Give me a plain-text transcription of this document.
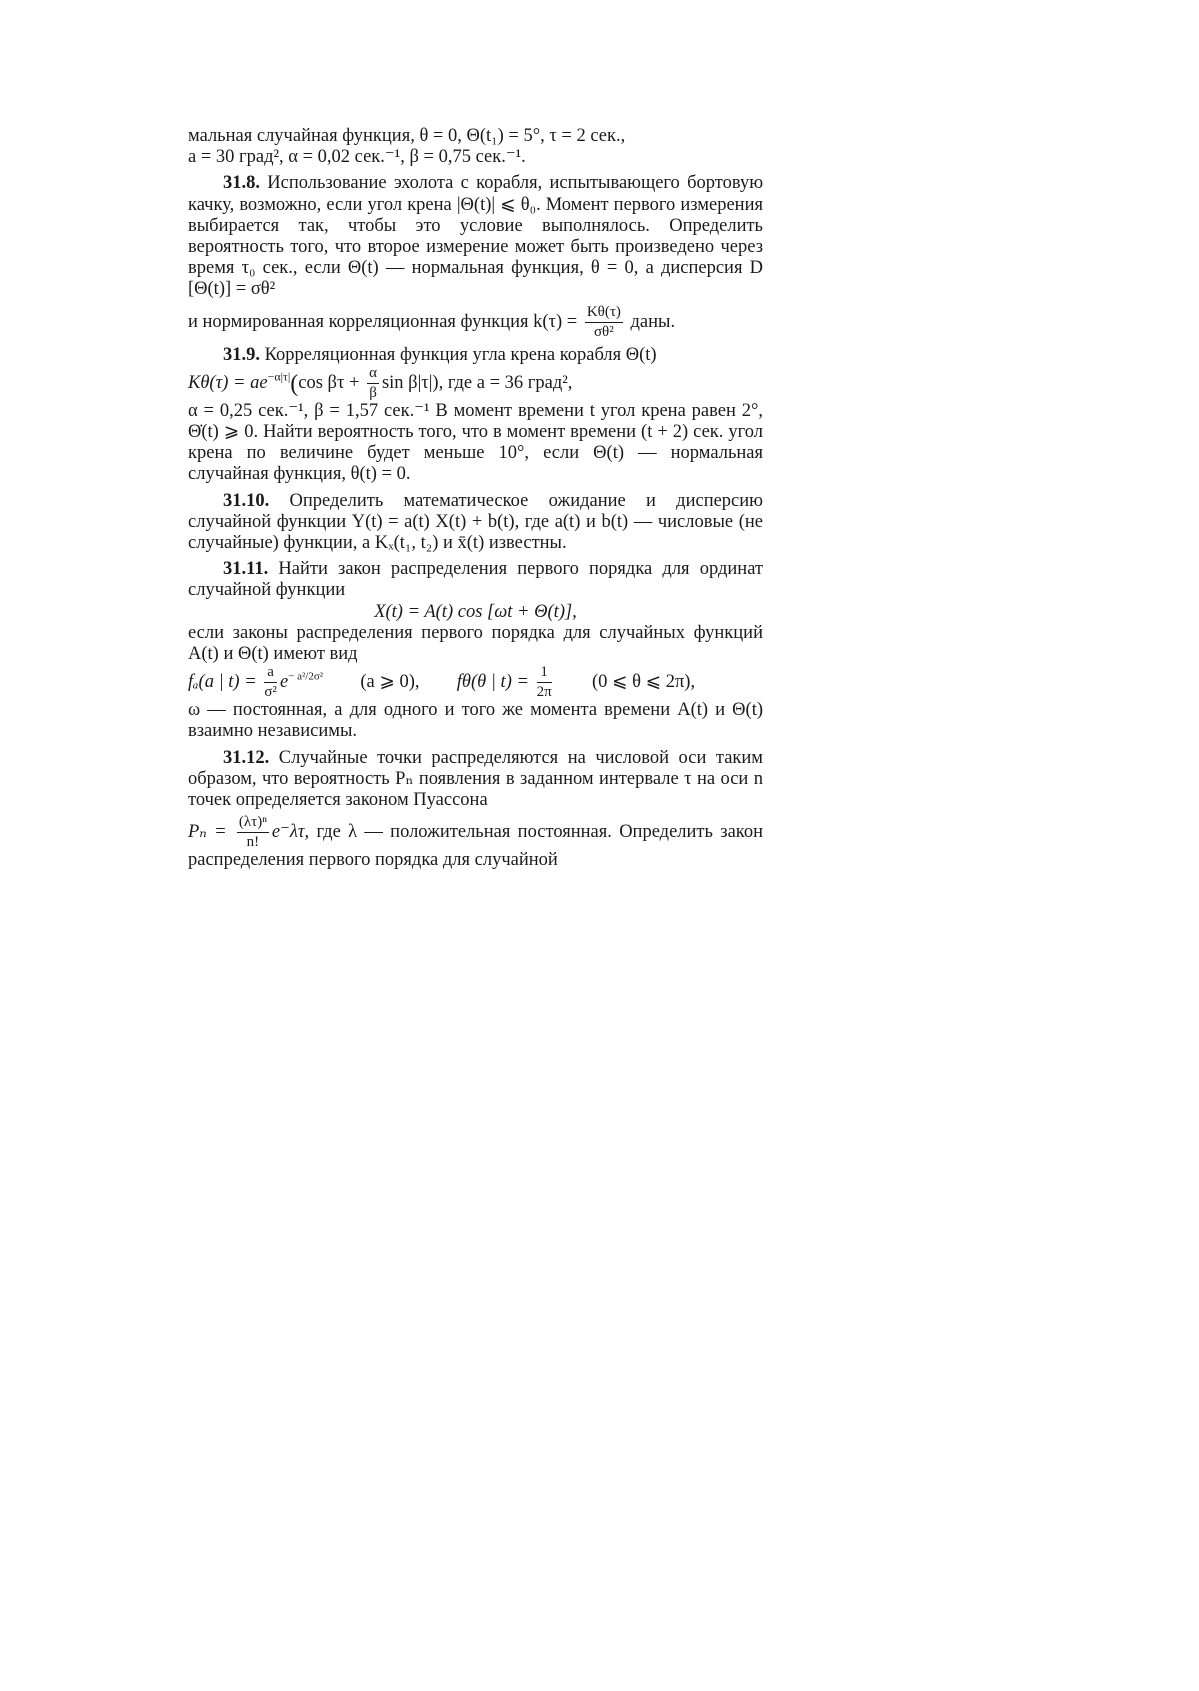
мальная случайная функция, θ = 0, Θ(t₁) = 5°, τ = 2 сек.,

a = 30 град², α = 0,02 сек.⁻¹, β = 0,75 сек.⁻¹.

31.8. Использование эхолота с корабля, испытывающего бортовую качку, возможно, если угол крена |Θ(t)| ⩽ θ₀. Момент первого измерения выбирается так, чтобы это условие выполнялось. Определить вероятность того, что второе измерение может быть произведено через время τ₀ сек., если Θ(t) — нормальная функция, θ = 0, а дисперсия D [Θ(t)] = σθ²

и нормированная корреляционная функция $k(\tau) = \frac{K\theta(\tau)}{\text{σθ²}}$ даны.

31.9. Корреляционная функция угла крена корабля Θ(t)

$K\theta(\tau) = ae^{-\alpha|\tau|}(\cos$ $\beta\tau + \frac{\alpha}{\beta}$ sin β|τ|), где a = 36 град²,

α = 0,25 сек.⁻¹, β = 1,57 сек.⁻¹ В момент времени t угол крена равен 2°, Θ̇(t) ⩾ 0. Найти вероятность того, что в момент времени (t + 2) сек. угол крена по величине будет меньше 10°, если Θ(t) — нормальная случайная функция, θ(t) = 0.

31.10. Определить математическое ожидание и дисперсию случайной функции Y(t) = a(t) X(t) + b(t), где a(t) и b(t) — числовые (не случайные) функции, а Kₓ(t₁, t₂) и x̄(t) известны.

31.11. Найти закон распределения первого порядка для ординат случайной функции

X(t) = A(t) cos [ωt + Θ(t)],

если законы распределения первого порядка для случайных функций A(t) и Θ(t) имеют вид

fₐ(a | $t) = \frac{a}{\text{σ²}} e^{- a^2/2\sigma^2}$ (a ⩾ 0), fθ(θ | $t) = \frac{1}{2\pi} (0$ ⩽ θ ⩽ 2π),

ω — постоянная, а для одного и того же момента времени A(t) и Θ(t) взаимно независимы.

31.12. Случайные точки распределяются на числовой оси таким образом, что вероятность Pₙ появления в заданном интервале τ на оси n точек определяется законом Пуассона

$P_n = \frac{\text{(λτ)ⁿ}}{n!} e^-\lambda\tau$, где λ — положительная постоянная. Определить закон распределения первого порядка для случайной
